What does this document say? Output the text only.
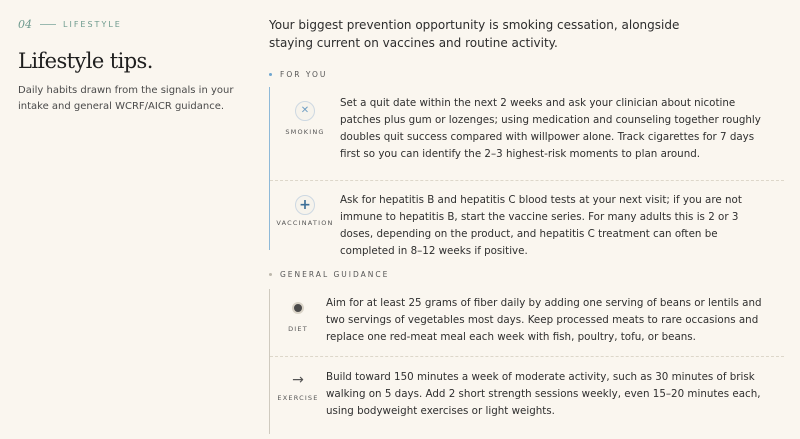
04	LIFESTYLE
Lifestyle tips.

Daily habits drawn from the signals in your intake and general WCRF/AICR guidance.

Your biggest prevention opportunity is smoking cessation, alongside staying current on vaccines and routine activity.

FOR YOU
✕
SMOKING

Set a quit date within the next 2 weeks and ask your clinician about nicotine patches plus gum or lozenges; using medication and counseling together roughly doubles quit success compared with willpower alone. Track cigarettes for 7 days first so you can identify the 2–3 highest-risk moments to plan around.

+
VACCINATION

Ask for hepatitis B and hepatitis C blood tests at your next visit; if you are not immune to hepatitis B, start the vaccine series. For many adults this is 2 or 3 doses, depending on the product, and hepatitis C treatment can often be completed in 8–12 weeks if positive.

GENERAL GUIDANCE
DIET

Aim for at least 25 grams of fiber daily by adding one serving of beans or lentils and two servings of vegetables most days. Keep processed meats to rare occasions and replace one red-meat meal each week with fish, poultry, tofu, or beans.

→
EXERCISE

Build toward 150 minutes a week of moderate activity, such as 30 minutes of brisk walking on 5 days. Add 2 short strength sessions weekly, even 15–20 minutes each, using bodyweight exercises or light weights.
